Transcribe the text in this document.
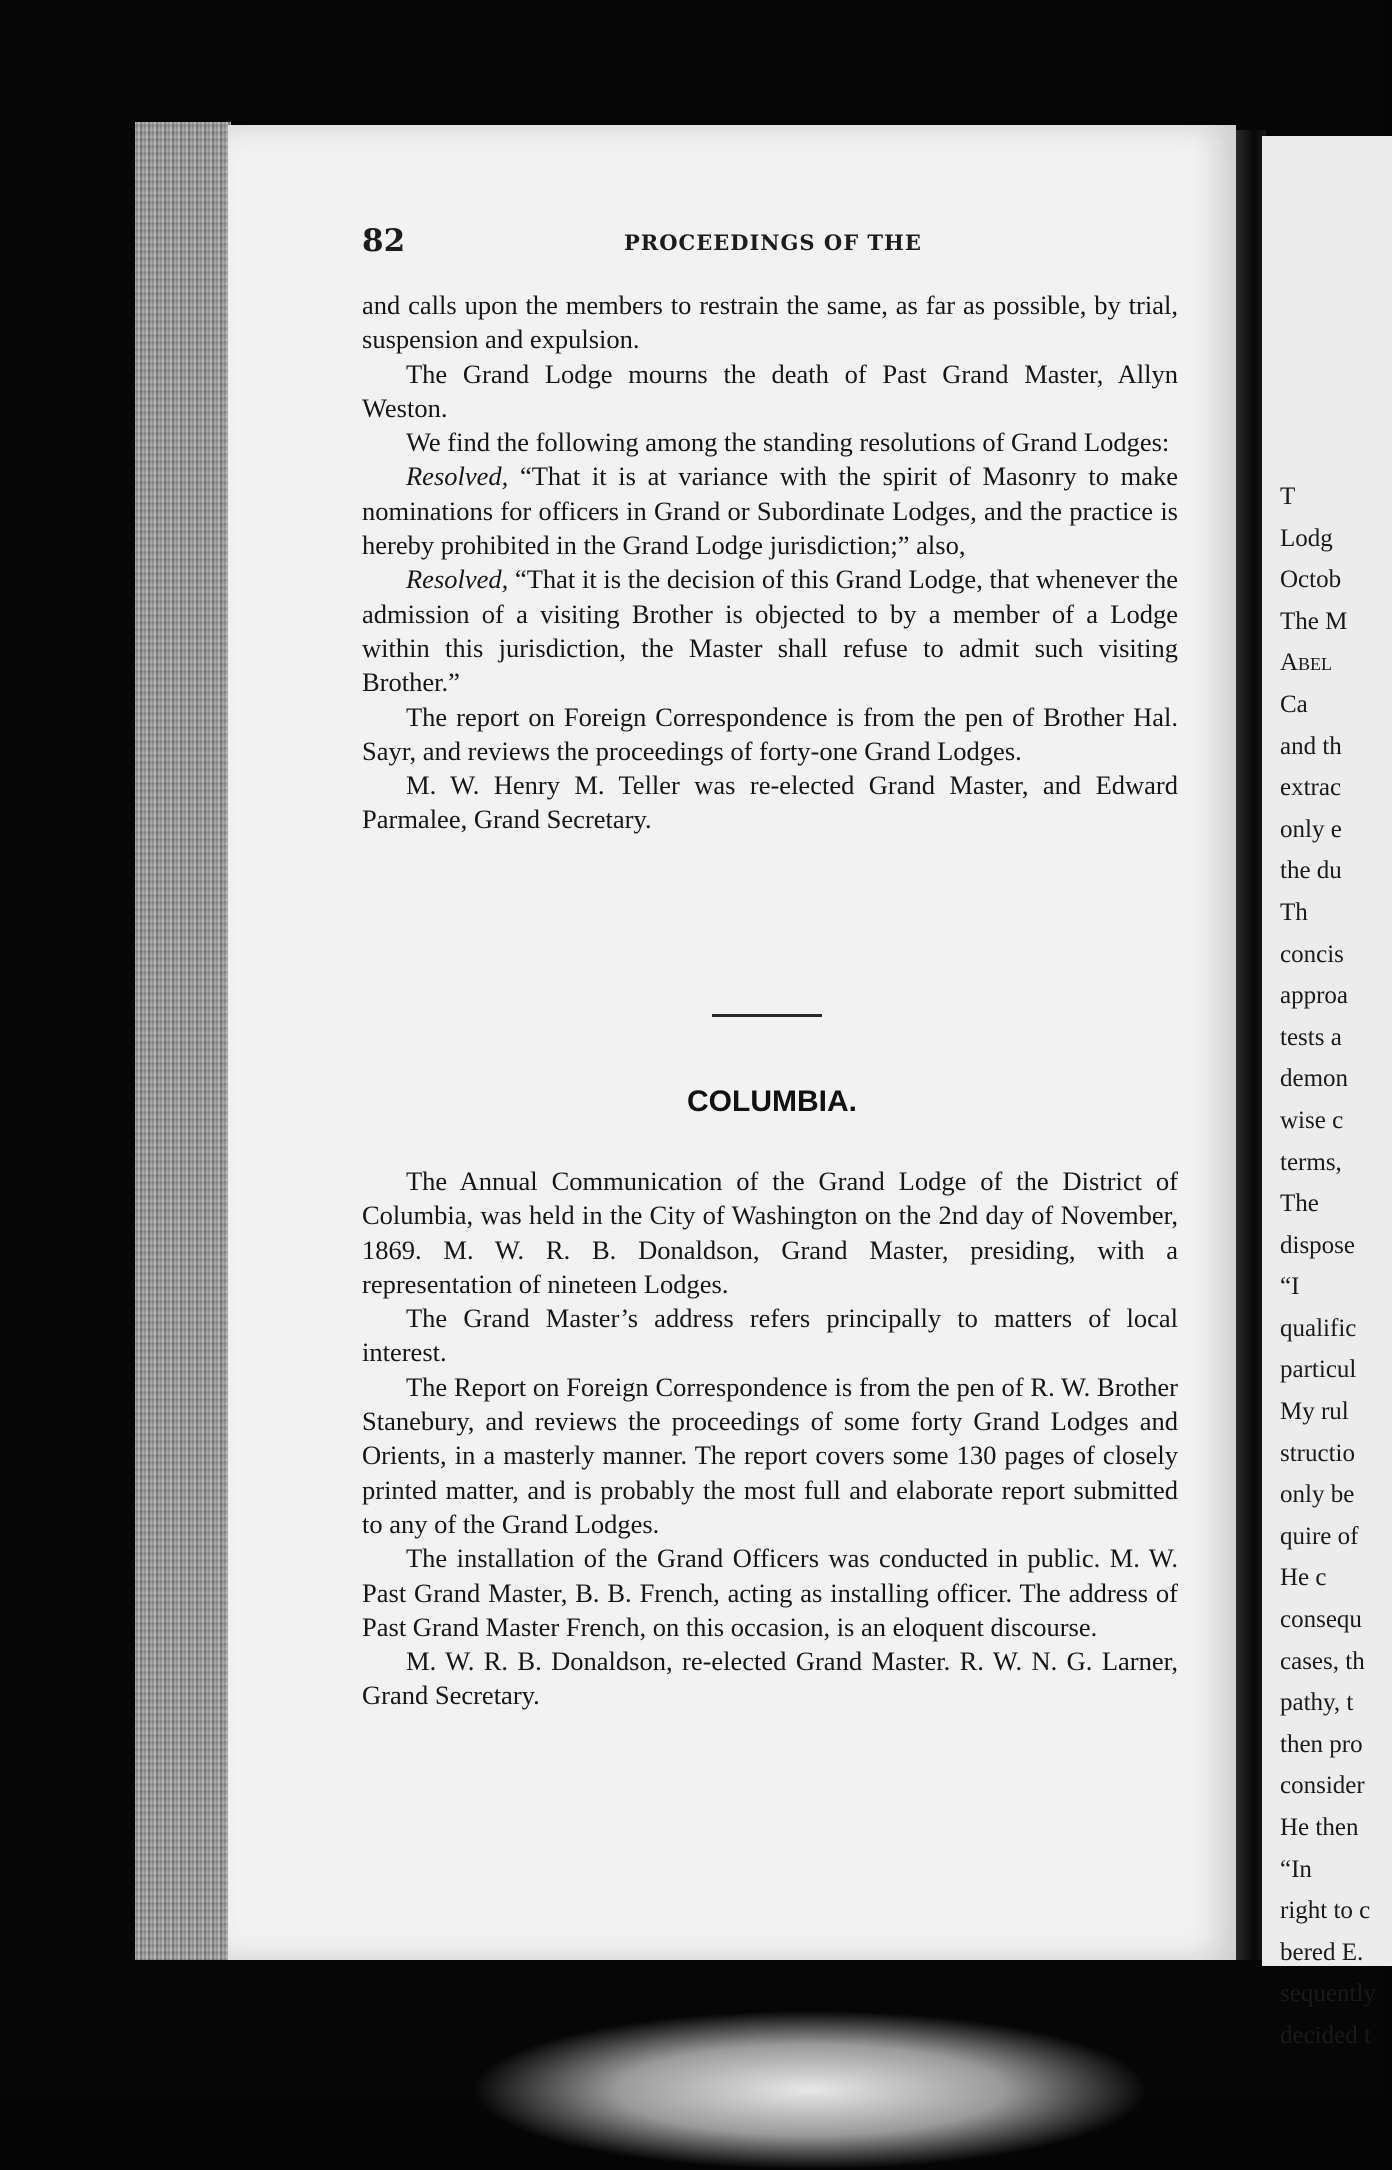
T
Lodg
Octob
The M
Abel
Ca
and th
extrac
only e
the du
Th
concis
approa
tests a
demon
wise c
terms,
The
dispose
“I
qualific
particul
My rul
structio
only be
quire of
He c
consequ
cases, th
pathy, t
then pro
consider
He then
“In
right to c
bered E.
sequently
decided t
82	PROCEEDINGS OF THE

and calls upon the members to restrain the same, as far as possible, by trial, suspension and expulsion.

The Grand Lodge mourns the death of Past Grand Master, Allyn Weston.

We find the following among the standing resolutions of Grand Lodges:

Resolved, “That it is at variance with the spirit of Masonry to make nominations for officers in Grand or Subordinate Lodges, and the practice is hereby prohibited in the Grand Lodge jurisdiction;” also,

Resolved, “That it is the decision of this Grand Lodge, that whenever the admission of a visiting Brother is objected to by a member of a Lodge within this jurisdiction, the Master shall refuse to admit such visiting Brother.”

The report on Foreign Correspondence is from the pen of Brother Hal. Sayr, and reviews the proceedings of forty-one Grand Lodges.

M. W. Henry M. Teller was re-elected Grand Master, and Edward Parmalee, Grand Secretary.

COLUMBIA.

The Annual Communication of the Grand Lodge of the District of Columbia, was held in the City of Washington on the 2nd day of November, 1869. M. W. R. B. Donaldson, Grand Master, presiding, with a representation of nineteen Lodges.

The Grand Master’s address refers principally to matters of local interest.

The Report on Foreign Correspondence is from the pen of R. W. Brother Stanebury, and reviews the proceedings of some forty Grand Lodges and Orients, in a masterly manner. The report covers some 130 pages of closely printed matter, and is probably the most full and elaborate report submitted to any of the Grand Lodges.

The installation of the Grand Officers was conducted in public. M. W. Past Grand Master, B. B. French, acting as installing officer. The address of Past Grand Master French, on this occasion, is an eloquent discourse.

M. W. R. B. Donaldson, re-elected Grand Master. R. W. N. G. Larner, Grand Secretary.
